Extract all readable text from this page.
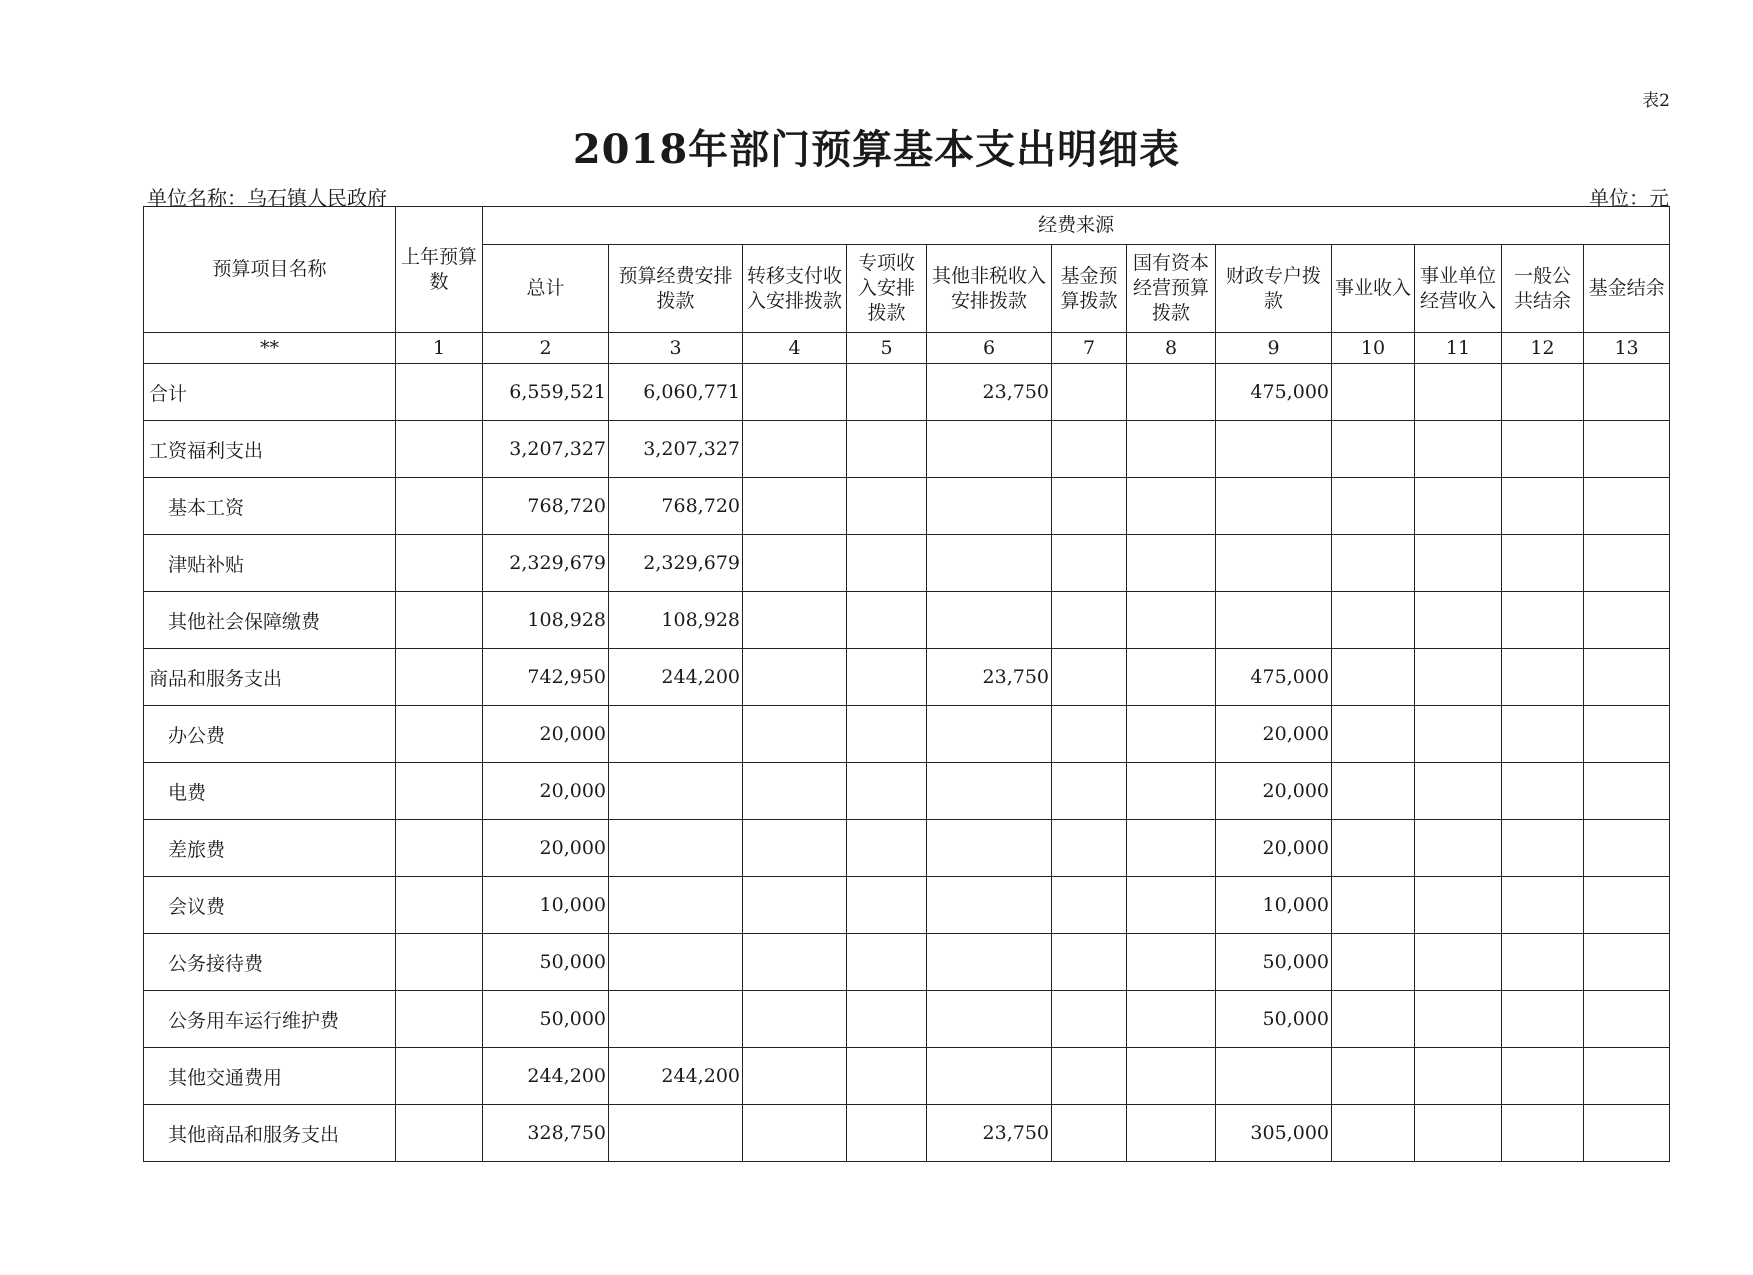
表2
2018年部门预算基本支出明细表
单位名称：乌石镇人民政府	单位：元
预算项目名称	上年预算数	经费来源											
		总计	预算经费安排拨款	转移支付收入安排拨款	专项收入安排拨款	其他非税收入安排拨款	基金预算拨款	国有资本经营预算拨款	财政专户拨款	事业收入	事业单位经营收入	一般公共结余	基金结余
**	1	2	3	4	5	6	7	8	9	10	11	12	13
合计		6,559,521	6,060,771			23,750			475,000				
工资福利支出		3,207,327	3,207,327										
基本工资		768,720	768,720										
津贴补贴		2,329,679	2,329,679										
其他社会保障缴费		108,928	108,928										
商品和服务支出		742,950	244,200			23,750			475,000				
办公费		20,000							20,000				
电费		20,000							20,000				
差旅费		20,000							20,000				
会议费		10,000							10,000				
公务接待费		50,000							50,000				
公务用车运行维护费		50,000							50,000				
其他交通费用		244,200	244,200										
其他商品和服务支出		328,750				23,750			305,000				
